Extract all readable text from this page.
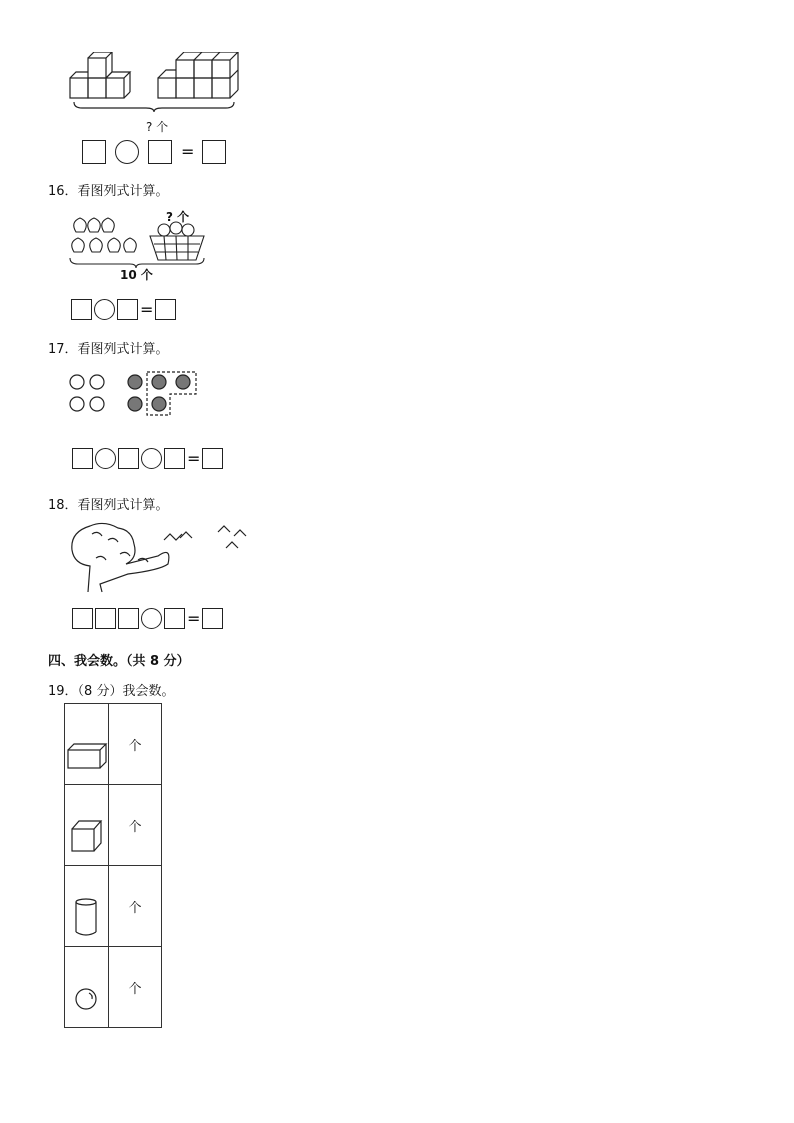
? 个
=
16．看图列式计算。
? 个
10 个
=
17．看图列式计算。
=
18．看图列式计算。
=
四、我会数。（共 8 分）
19．（8 分）我会数。
	个
	个
	个
	个
